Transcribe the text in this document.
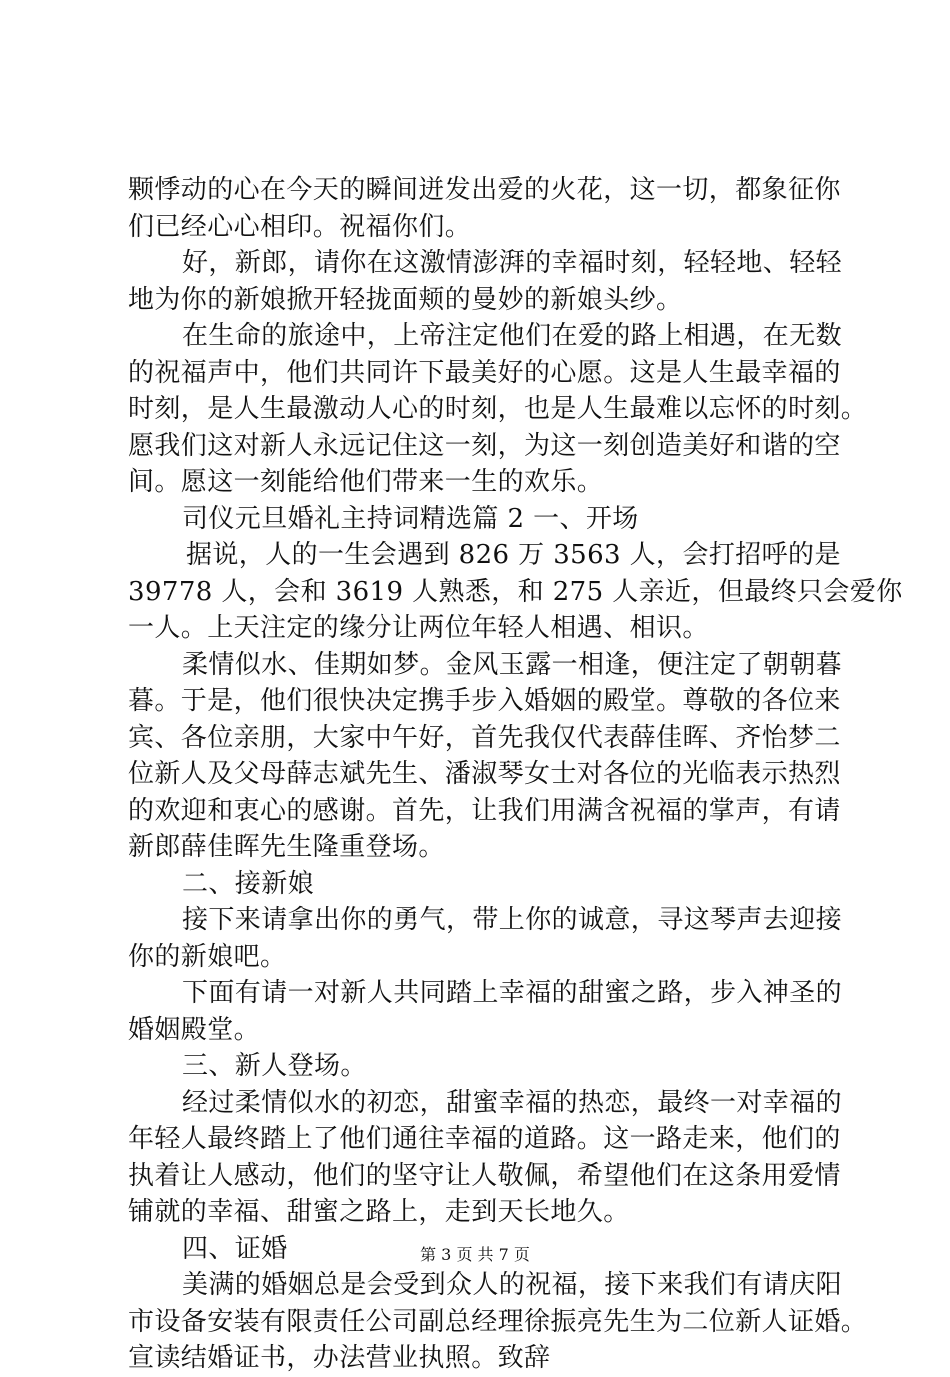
颗悸动的心在今天的瞬间迸发出爱的火花，这一切，都象征你
们已经心心相印。祝福你们。
好，新郎，请你在这激情澎湃的幸福时刻，轻轻地、轻轻
地为你的新娘掀开轻拢面颊的曼妙的新娘头纱。
在生命的旅途中，上帝注定他们在爱的路上相遇，在无数
的祝福声中，他们共同许下最美好的心愿。这是人生最幸福的
时刻，是人生最激动人心的时刻，也是人生最难以忘怀的时刻。
愿我们这对新人永远记住这一刻，为这一刻创造美好和谐的空
间。愿这一刻能给他们带来一生的欢乐。
司仪元旦婚礼主持词精选篇 2 一、开场
据说，人的一生会遇到 826 万 3563 人，会打招呼的是
39778 人，会和 3619 人熟悉，和 275 人亲近，但最终只会爱你
一人。上天注定的缘分让两位年轻人相遇、相识。
柔情似水、佳期如梦。金风玉露一相逢，便注定了朝朝暮
暮。于是，他们很快决定携手步入婚姻的殿堂。尊敬的各位来
宾、各位亲朋，大家中午好，首先我仅代表薛佳晖、齐怡梦二
位新人及父母薛志斌先生、潘淑琴女士对各位的光临表示热烈
的欢迎和衷心的感谢。首先，让我们用满含祝福的掌声，有请
新郎薛佳晖先生隆重登场。
二、接新娘
接下来请拿出你的勇气，带上你的诚意，寻这琴声去迎接
你的新娘吧。
下面有请一对新人共同踏上幸福的甜蜜之路，步入神圣的
婚姻殿堂。
三、新人登场。
经过柔情似水的初恋，甜蜜幸福的热恋，最终一对幸福的
年轻人最终踏上了他们通往幸福的道路。这一路走来，他们的
执着让人感动，他们的坚守让人敬佩，希望他们在这条用爱情
铺就的幸福、甜蜜之路上，走到天长地久。
四、证婚
美满的婚姻总是会受到众人的祝福，接下来我们有请庆阳
市设备安装有限责任公司副总经理徐振亮先生为二位新人证婚。
宣读结婚证书，办法营业执照。致辞
第 3 页 共 7 页
